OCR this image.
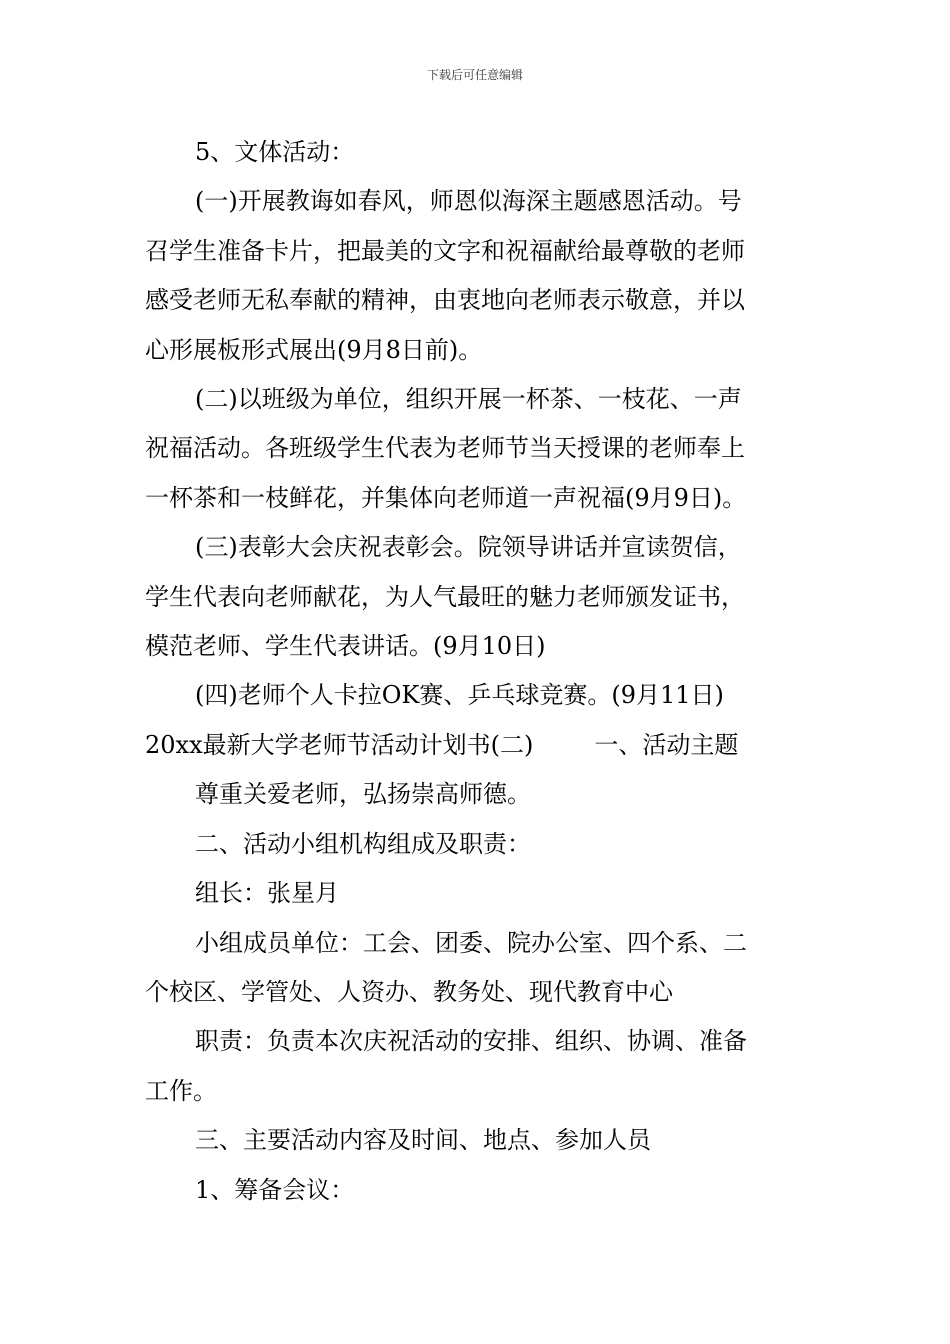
下载后可任意编辑

5、文体活动：

(一)开展教诲如春风，师恩似海深主题感恩活动。号

召学生准备卡片，把最美的文字和祝福献给最尊敬的老师

感受老师无私奉献的精神，由衷地向老师表示敬意，并以

心形展板形式展出(9月8日前)。

(二)以班级为单位，组织开展一杯茶、一枝花、一声

祝福活动。各班级学生代表为老师节当天授课的老师奉上

一杯茶和一枝鲜花，并集体向老师道一声祝福(9月9日)。

(三)表彰大会庆祝表彰会。院领导讲话并宣读贺信，

学生代表向老师献花，为人气最旺的魅力老师颁发证书，

模范老师、学生代表讲话。(9月10日)

(四)老师个人卡拉OK赛、乒乓球竞赛。(9月11日)

20xx最新大学老师节活动计划书(二)        一、活动主题

尊重关爱老师，弘扬崇高师德。

二、活动小组机构组成及职责：

组长：张星月

小组成员单位：工会、团委、院办公室、四个系、二

个校区、学管处、人资办、教务处、现代教育中心

职责：负责本次庆祝活动的安排、组织、协调、准备

工作。

三、主要活动内容及时间、地点、参加人员

1、筹备会议：
